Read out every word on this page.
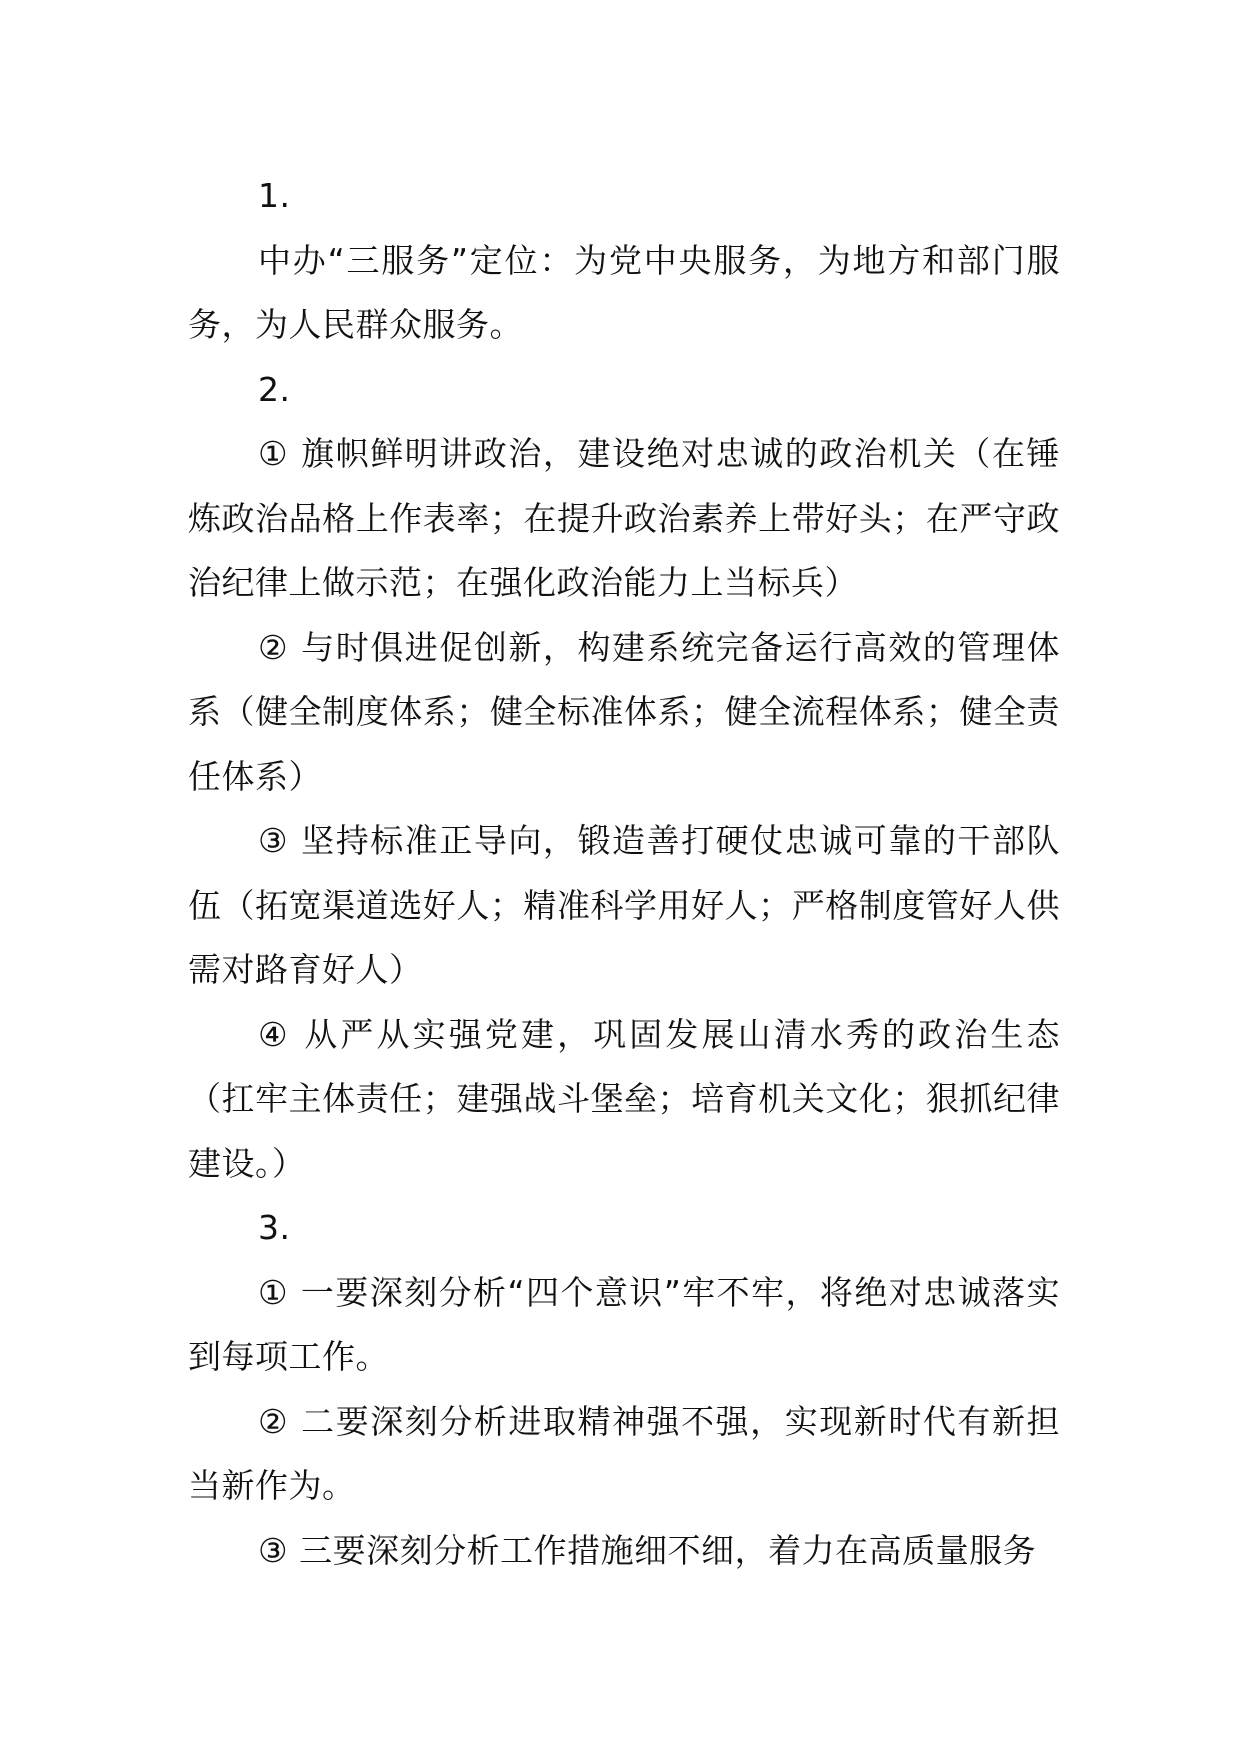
1.

中办“三服务”定位：为党中央服务，为地方和部门服务，为人民群众服务。

2.

① 旗帜鲜明讲政治，建设绝对忠诚的政治机关（在锤炼政治品格上作表率；在提升政治素养上带好头；在严守政治纪律上做示范；在强化政治能力上当标兵）

② 与时俱进促创新，构建系统完备运行高效的管理体系（健全制度体系；健全标准体系；健全流程体系；健全责任体系）

③ 坚持标准正导向，锻造善打硬仗忠诚可靠的干部队伍（拓宽渠道选好人；精准科学用好人；严格制度管好人供需对路育好人）

④ 从严从实强党建，巩固发展山清水秀的政治生态（扛牢主体责任；建强战斗堡垒；培育机关文化；狠抓纪律建设。）

3.

① 一要深刻分析“四个意识”牢不牢，将绝对忠诚落实到每项工作。

② 二要深刻分析进取精神强不强，实现新时代有新担当新作为。

③ 三要深刻分析工作措施细不细，着力在高质量服务
